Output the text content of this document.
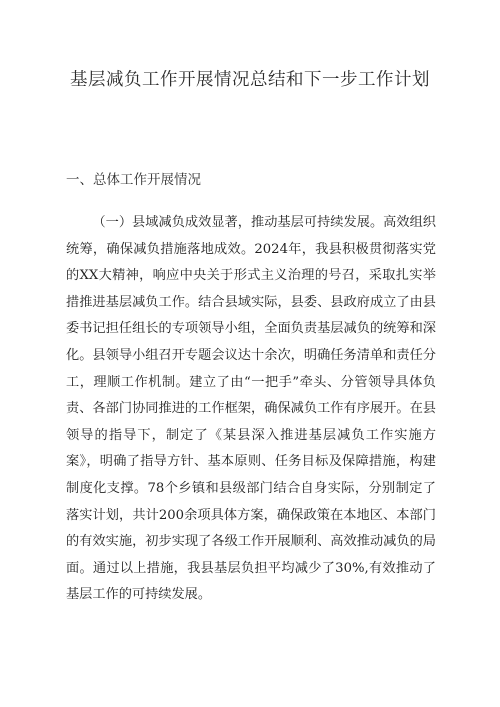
基层减负工作开展情况总结和下一步工作计划
一、总体工作开展情况

（一）县域减负成效显著，推动基层可持续发展。高效组织统筹，确保减负措施落地成效。2024年，我县积极贯彻落实党的XX大精神，响应中央关于形式主义治理的号召，采取扎实举措推进基层减负工作。结合县域实际，县委、县政府成立了由县委书记担任组长的专项领导小组，全面负责基层减负的统筹和深化。县领导小组召开专题会议达十余次，明确任务清单和责任分工，理顺工作机制。建立了由“一把手”牵头、分管领导具体负责、各部门协同推进的工作框架，确保减负工作有序展开。在县领导的指导下，制定了《某县深入推进基层减负工作实施方案》，明确了指导方针、基本原则、任务目标及保障措施，构建制度化支撑。78个乡镇和县级部门结合自身实际，分别制定了落实计划，共计200余项具体方案，确保政策在本地区、本部门的有效实施，初步实现了各级工作开展顺利、高效推动减负的局面。通过以上措施，我县基层负担平均减少了30%,有效推动了基层工作的可持续发展。
